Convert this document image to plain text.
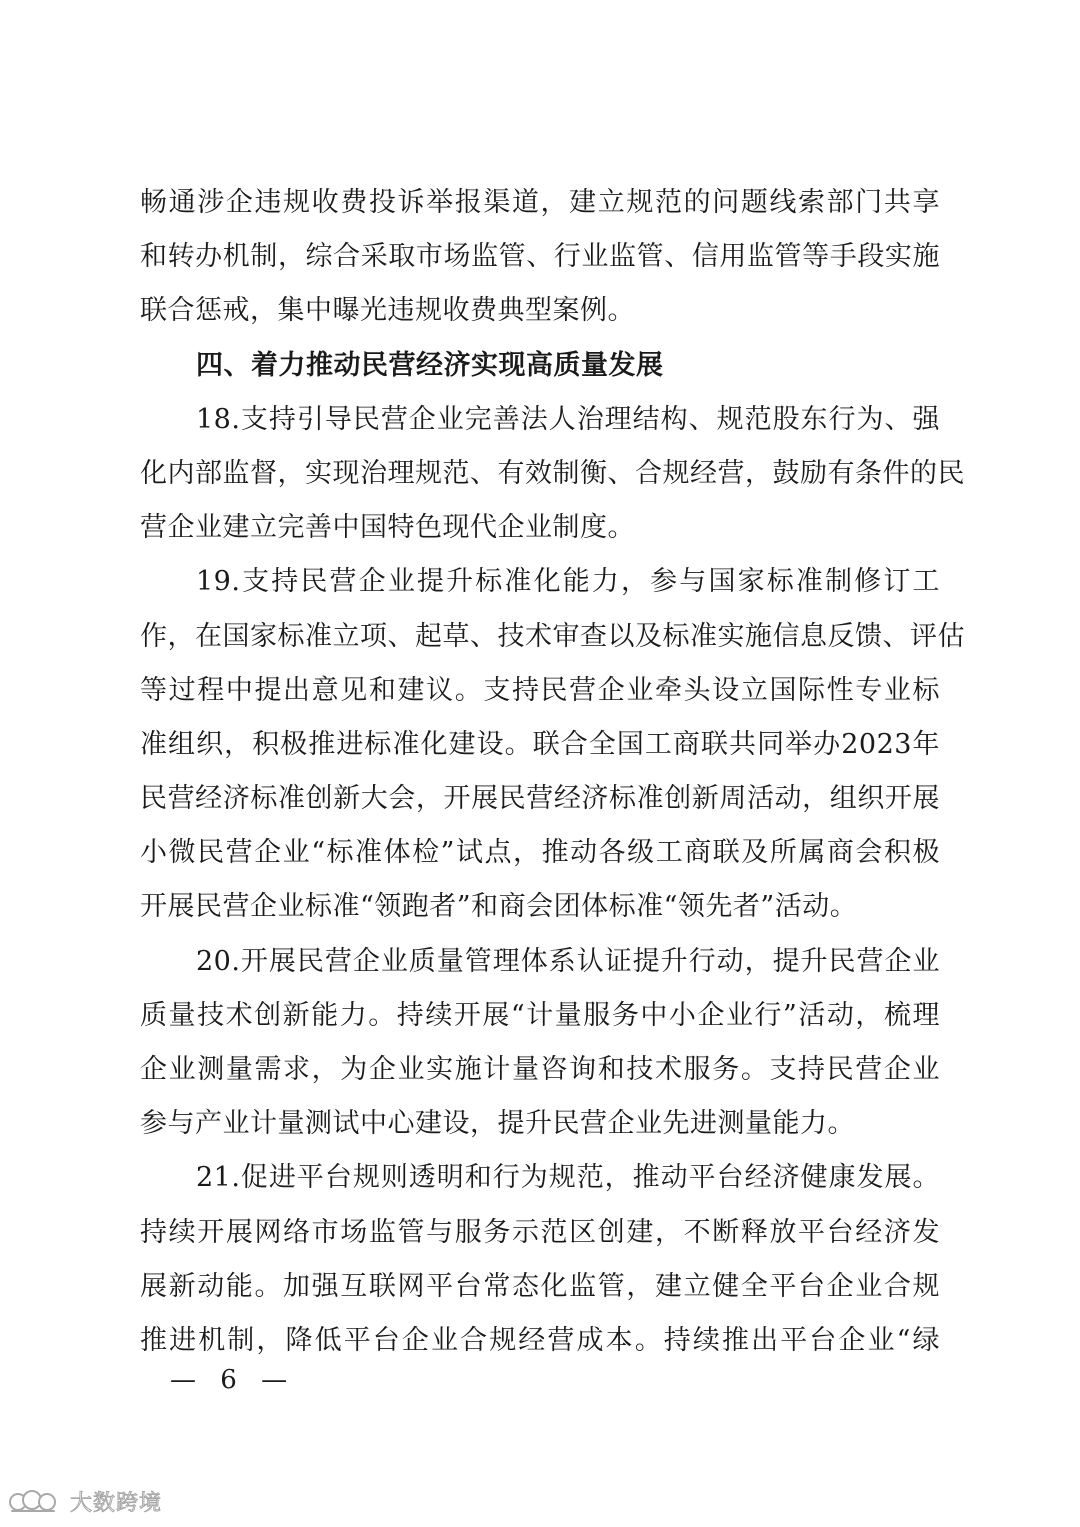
畅通涉企违规收费投诉举报渠道，建立规范的问题线索部门共享
和转办机制，综合采取市场监管、行业监管、信用监管等手段实施
联合惩戒，集中曝光违规收费典型案例。
四、着力推动民营经济实现高质量发展
18.支持引导民营企业完善法人治理结构、规范股东行为、强
化内部监督，实现治理规范、有效制衡、合规经营，鼓励有条件的民
营企业建立完善中国特色现代企业制度。
19.支持民营企业提升标准化能力，参与国家标准制修订工
作，在国家标准立项、起草、技术审查以及标准实施信息反馈、评估
等过程中提出意见和建议。支持民营企业牵头设立国际性专业标
准组织，积极推进标准化建设。联合全国工商联共同举办2023年
民营经济标准创新大会，开展民营经济标准创新周活动，组织开展
小微民营企业“标准体检”试点，推动各级工商联及所属商会积极
开展民营企业标准“领跑者”和商会团体标准“领先者”活动。
20.开展民营企业质量管理体系认证提升行动，提升民营企业
质量技术创新能力。持续开展“计量服务中小企业行”活动，梳理
企业测量需求，为企业实施计量咨询和技术服务。支持民营企业
参与产业计量测试中心建设，提升民营企业先进测量能力。
21.促进平台规则透明和行为规范，推动平台经济健康发展。
持续开展网络市场监管与服务示范区创建，不断释放平台经济发
展新动能。加强互联网平台常态化监管，建立健全平台企业合规
推进机制，降低平台企业合规经营成本。持续推出平台企业“绿
— 6 —
大数跨境
